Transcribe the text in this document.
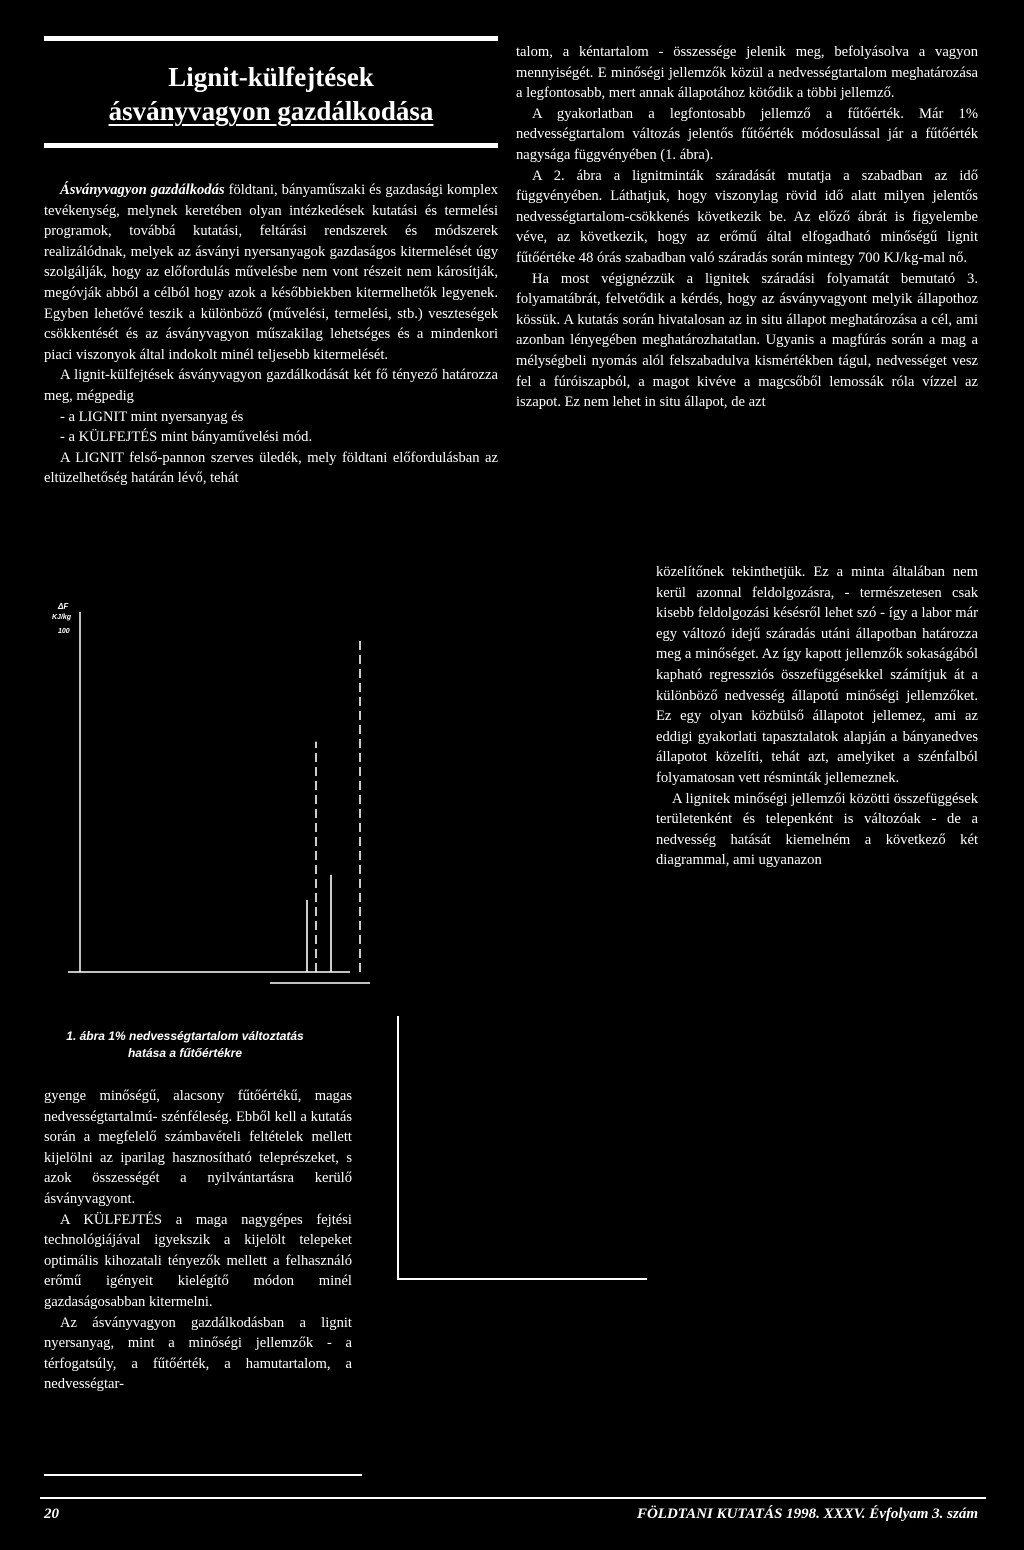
Lignit-külfejtések
ásványvagyon gazdálkodása

Ásványvagyon gazdálkodás földtani, bányaműszaki és gazdasági komplex tevékenység, melynek keretében olyan intézkedések kutatási és termelési programok, továbbá kutatási, feltárási rendszerek és módszerek realizálódnak, melyek az ásványi nyersanyagok gazdaságos kitermelését úgy szolgálják, hogy az előfordulás művelésbe nem vont részeit nem károsítják, megóvják abból a célból hogy azok a későbbiekben kitermelhetők legyenek. Egyben lehetővé teszik a különböző (művelési, termelési, stb.) veszteségek csökkentését és az ásványvagyon műszakilag lehetséges és a mindenkori piaci viszonyok által indokolt minél teljesebb kitermelését.

A lignit-külfejtések ásványvagyon gazdálkodását két fő tényező határozza meg, mégpedig

- a LIGNIT mint nyersanyag és

- a KÜLFEJTÉS mint bányaművelési mód.

A LIGNIT felső-pannon szerves üledék, mely földtani előfordulásban az eltüzelhetőség határán lévő, tehát

ΔF
KJ/kg
100
1. ábra 1% nedvességtartalom változtatás
hatása a fűtőértékre

gyenge minőségű, alacsony fűtőértékű, magas nedvességtartalmú- szénféleség. Ebből kell a kutatás során a megfelelő számbavételi feltételek mellett kijelölni az iparilag hasznosítható teleprészeket, s azok összességét a nyilvántartásra kerülő ásványvagyont.

A KÜLFEJTÉS a maga nagygépes fejtési technológiájával igyekszik a kijelölt telepeket optimális kihozatali tényezők mellett a felhasználó erőmű igényeit kielégítő módon minél gazdaságosabban kitermelni.

Az ásványvagyon gazdálkodásban a lignit nyersanyag, mint a minőségi jellemzők - a térfogatsúly, a fűtőérték, a hamutartalom, a nedvességtar-

talom, a kéntartalom - összessége jelenik meg, befolyásolva a vagyon mennyiségét. E minőségi jellemzők közül a nedvességtartalom meghatározása a legfontosabb, mert annak állapotához kötődik a többi jellemző.

A gyakorlatban a legfontosabb jellemző a fűtőérték. Már 1% nedvességtartalom változás jelentős fűtőérték módosulással jár a fűtőérték nagysága függvényében (1. ábra).

A 2. ábra a lignitminták száradását mutatja a szabadban az idő függvényében. Láthatjuk, hogy viszonylag rövid idő alatt milyen jelentős nedvességtartalom-csökkenés következik be. Az előző ábrát is figyelembe véve, az következik, hogy az erőmű által elfogadható minőségű lignit fűtőértéke 48 órás szabadban való száradás során mintegy 700 KJ/kg-mal nő.

Ha most végignézzük a lignitek száradási folyamatát bemutató 3. folyamatábrát, felvetődik a kérdés, hogy az ásványvagyont melyik állapothoz kössük. A kutatás során hivatalosan az in situ állapot meghatározása a cél, ami azonban lényegében meghatározhatatlan. Ugyanis a magfúrás során a mag a mélységbeli nyomás alól felszabadulva kismértékben tágul, nedvességet vesz fel a fúróiszapból, a magot kivéve a magcsőből lemossák róla vízzel az iszapot. Ez nem lehet in situ állapot, de azt

közelítőnek tekinthetjük. Ez a minta általában nem kerül azonnal feldolgozásra, - természetesen csak kisebb feldolgozási késésről lehet szó - így a labor már egy változó idejű száradás utáni állapotban határozza meg a minőséget. Az így kapott jellemzők sokaságából kapható regressziós összefüggésekkel számítjuk át a különböző nedvesség állapotú minőségi jellemzőket. Ez egy olyan közbülső állapotot jellemez, ami az eddigi gyakorlati tapasztalatok alapján a bányanedves állapotot közelíti, tehát azt, amelyiket a szénfalból folyamatosan vett résminták jellemeznek.

A lignitek minőségi jellemzői közötti összefüggések területenként és telepenként is változóak - de a nedvesség hatását kiemelném a következő két diagrammal, ami ugyanazon

20	FÖLDTANI KUTATÁS 1998. XXXV. Évfolyam 3. szám
